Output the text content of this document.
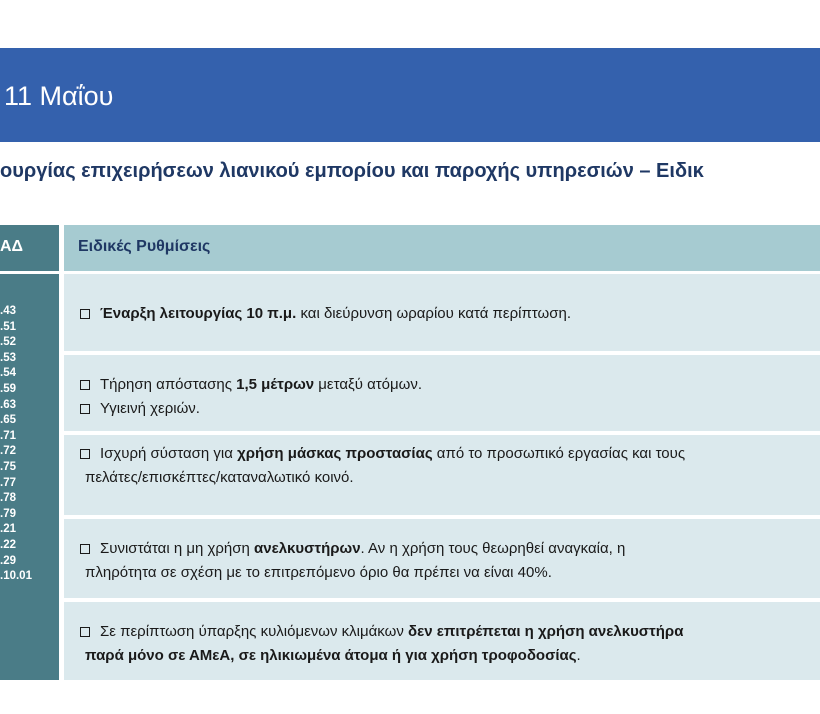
11 Μαΐου
ουργίας επιχειρήσεων λιανικού εμπορίου και παροχής υπηρεσιών – Ειδικ
ΑΔ
.43
.51
.52
.53
.54
.59
.63
.65
.71
.72
.75
.77
.78
.79
.21
.22
.29
.10.01
Ειδικές Ρυθμίσεις
Έναρξη λειτουργίας 10 π.μ. και διεύρυνση ωραρίου κατά περίπτωση.
Τήρηση απόστασης 1,5 μέτρων μεταξύ ατόμων.
Υγιεινή χεριών.
Ισχυρή σύσταση για χρήση μάσκας προστασίας από το προσωπικό εργασίας και τους
πελάτες/επισκέπτες/καταναλωτικό κοινό.
Συνιστάται η μη χρήση ανελκυστήρων. Αν η χρήση τους θεωρηθεί αναγκαία, η
πληρότητα σε σχέση με το επιτρεπόμενο όριο θα πρέπει να είναι 40%.
Σε περίπτωση ύπαρξης κυλιόμενων κλιμάκων δεν επιτρέπεται η χρήση ανελκυστήρα
παρά μόνο σε ΑΜεΑ, σε ηλικιωμένα άτομα ή για χρήση τροφοδοσίας.
